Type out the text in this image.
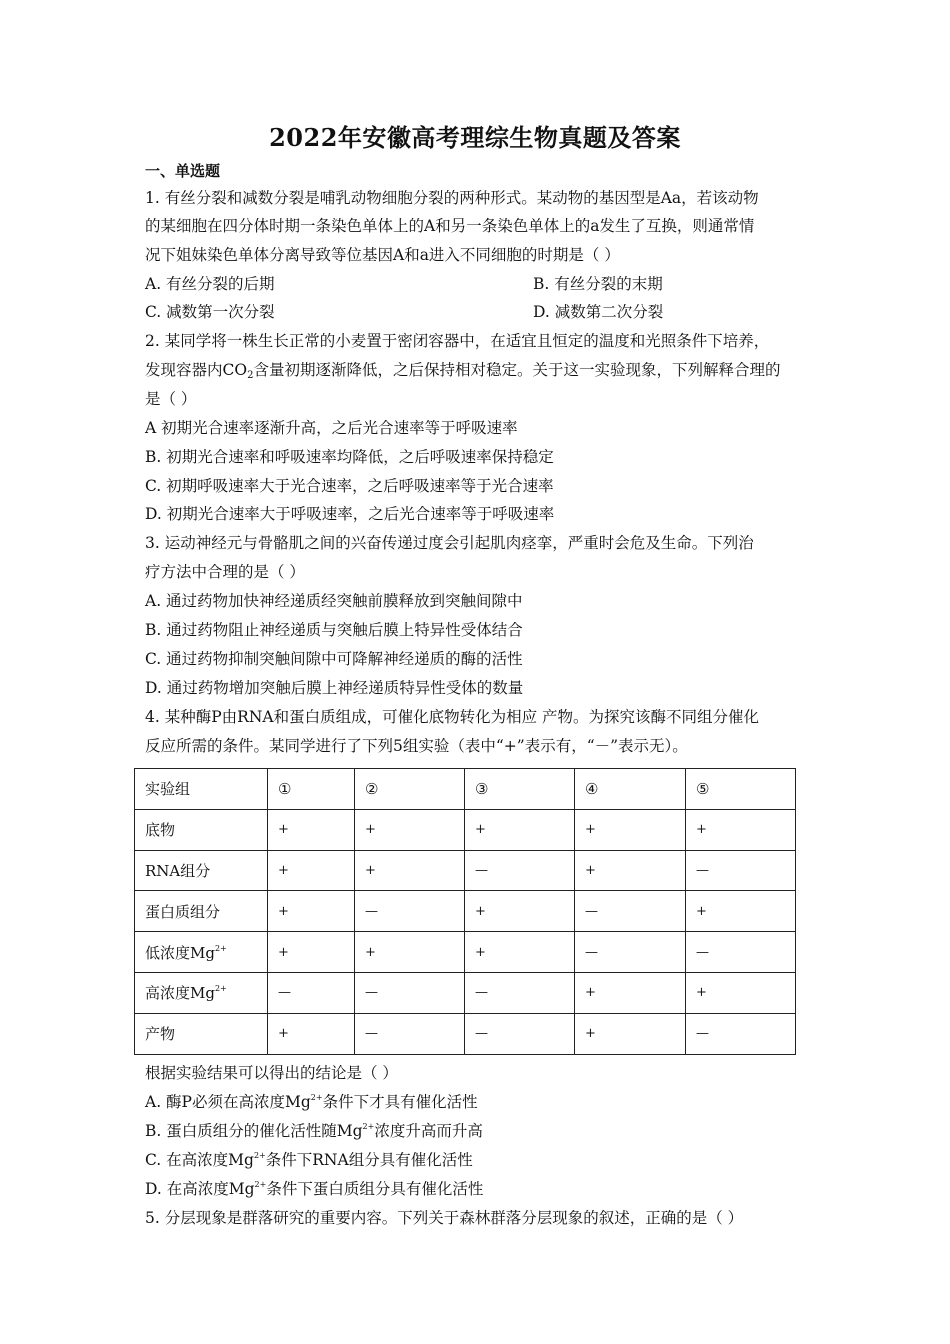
2022年安徽高考理综生物真题及答案
一、单选题
1. 有丝分裂和减数分裂是哺乳动物细胞分裂的两种形式。某动物的基因型是Aa，若该动物
的某细胞在四分体时期一条染色单体上的A和另一条染色单体上的a发生了互换，则通常情
况下姐妹染色单体分离导致等位基因A和a进入不同细胞的时期是（ ）
A. 有丝分裂的后期	B. 有丝分裂的末期
C. 减数第一次分裂	D. 减数第二次分裂
2. 某同学将一株生长正常的小麦置于密闭容器中，在适宜且恒定的温度和光照条件下培养，
发现容器内$CO_2$含量初期逐渐降低，之后保持相对稳定。关于这一实验现象，下列解释合理的
是（ ）
A 初期光合速率逐渐升高，之后光合速率等于呼吸速率
B. 初期光合速率和呼吸速率均降低，之后呼吸速率保持稳定
C. 初期呼吸速率大于光合速率，之后呼吸速率等于光合速率
D. 初期光合速率大于呼吸速率，之后光合速率等于呼吸速率
3. 运动神经元与骨骼肌之间的兴奋传递过度会引起肌肉痉挛，严重时会危及生命。下列治
疗方法中合理的是（ ）
A. 通过药物加快神经递质经突触前膜释放到突触间隙中
B. 通过药物阻止神经递质与突触后膜上特异性受体结合
C. 通过药物抑制突触间隙中可降解神经递质的酶的活性
D. 通过药物增加突触后膜上神经递质特异性受体的数量
4. 某种酶P由RNA和蛋白质组成，可催化底物转化为相应 产物。为探究该酶不同组分催化
反应所需的条件。某同学进行了下列5组实验（表中“+”表示有，“－”表示无）。
实验组	①	②	③	④	⑤
底物	+	+	+	+	+
RNA组分	+	+	—	+	—
蛋白质组分	+	—	+	—	+
低浓度$Mg^{2+}$	+	+	+	—	—
高浓度$Mg^{2+}$	—	—	—	+	+
产物	+	—	—	+	—
根据实验结果可以得出的结论是（ ）
A. 酶P必须在高浓度$Mg^{2+}$条件下才具有催化活性
B. 蛋白质组分的催化活性随$Mg^{2+}$浓度升高而升高
C. 在高浓度$Mg^{2+}$条件下RNA组分具有催化活性
D. 在高浓度$Mg^{2+}$条件下蛋白质组分具有催化活性
5. 分层现象是群落研究的重要内容。下列关于森林群落分层现象的叙述，正确的是（ ）
